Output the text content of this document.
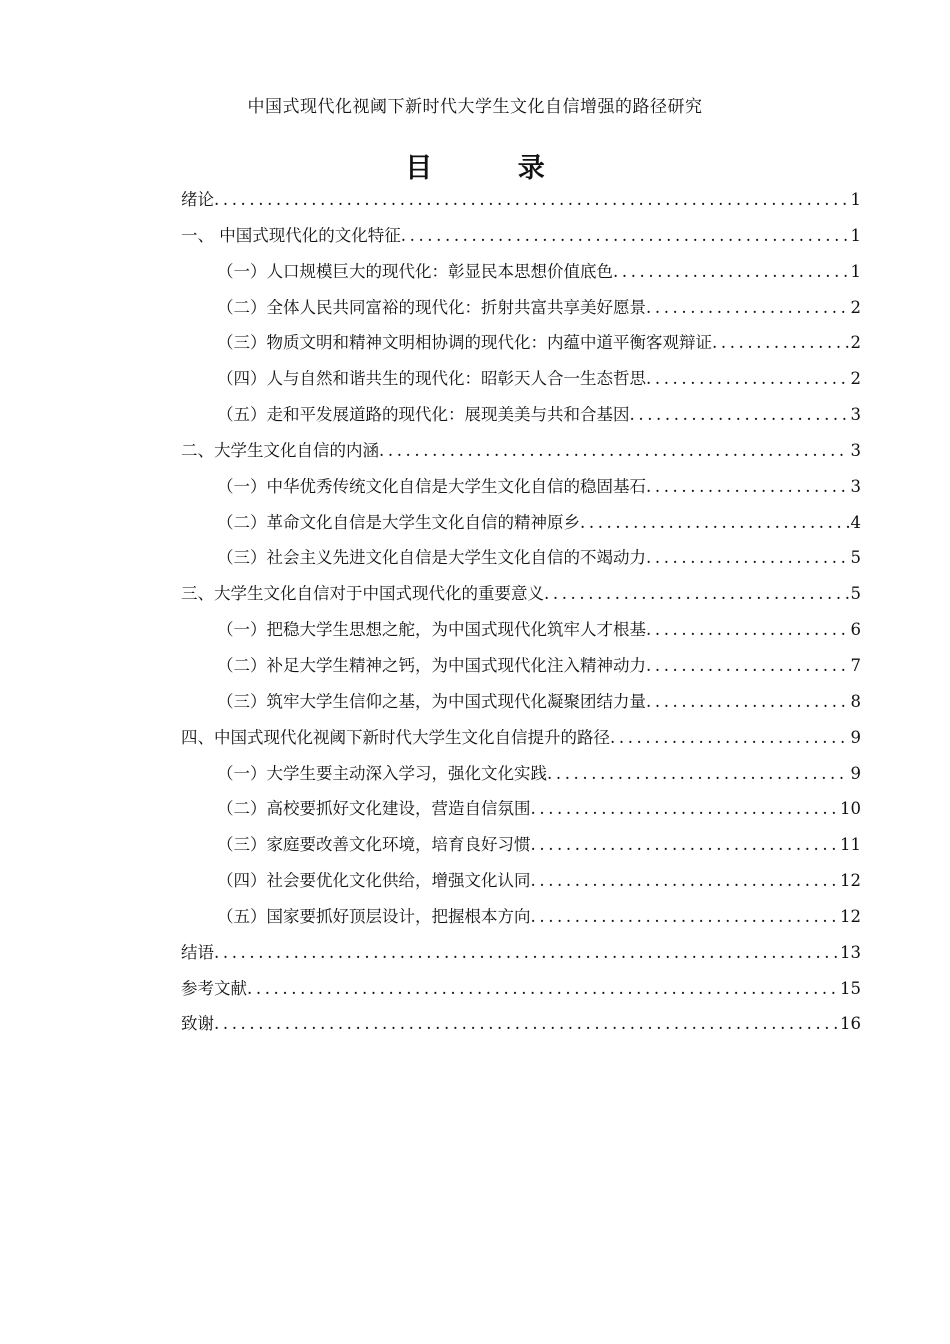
中国式现代化视阈下新时代大学生文化自信增强的路径研究
目 录
绪论 .....	1
一、 中国式现代化的文化特征 .....	1
（一）人口规模巨大的现代化：彰显民本思想价值底色 .....	1
（二）全体人民共同富裕的现代化：折射共富共享美好愿景 .....	2
（三）物质文明和精神文明相协调的现代化：内蕴中道平衡客观辩证 .....	2
（四）人与自然和谐共生的现代化：昭彰天人合一生态哲思 .....	2
（五）走和平发展道路的现代化：展现美美与共和合基因 .....	3
二、大学生文化自信的内涵 .....	3
（一）中华优秀传统文化自信是大学生文化自信的稳固基石 .....	3
（二）革命文化自信是大学生文化自信的精神原乡 .....	4
（三）社会主义先进文化自信是大学生文化自信的不竭动力 .....	5
三、大学生文化自信对于中国式现代化的重要意义 .....	5
（一）把稳大学生思想之舵，为中国式现代化筑牢人才根基 .....	6
（二）补足大学生精神之钙，为中国式现代化注入精神动力 .....	7
（三）筑牢大学生信仰之基，为中国式现代化凝聚团结力量 .....	8
四、中国式现代化视阈下新时代大学生文化自信提升的路径 .....	9
（一）大学生要主动深入学习，强化文化实践 .....	9
（二）高校要抓好文化建设，营造自信氛围 .....	10
（三）家庭要改善文化环境，培育良好习惯 .....	11
（四）社会要优化文化供给，增强文化认同 .....	12
（五）国家要抓好顶层设计，把握根本方向 .....	12
结语 .....	13
参考文献 .....	15
致谢 .....	16
